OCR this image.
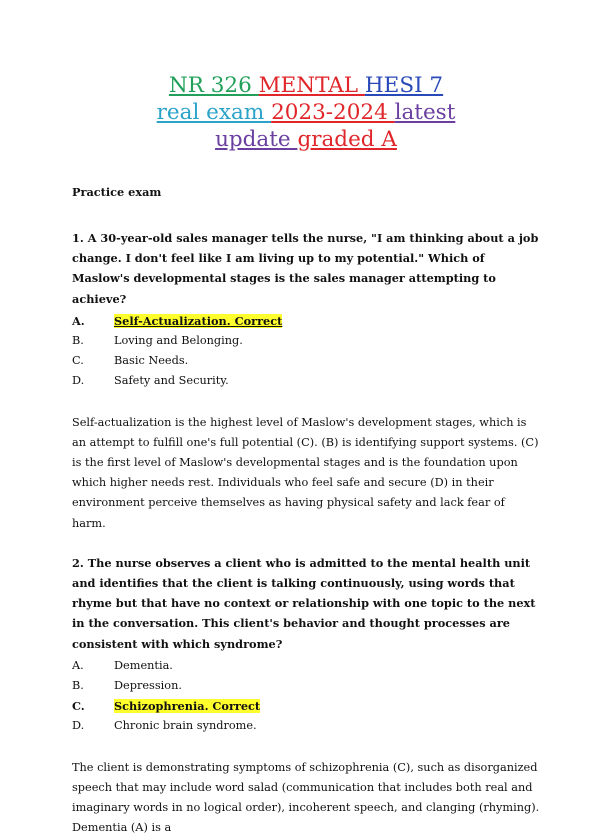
NR 326 MENTAL HESI 7
real exam 2023-2024 latest
update graded A

Practice exam

1. A 30-year-old sales manager tells the nurse, "I am thinking about a job change. I don't feel like I am living up to my potential." Which of Maslow's developmental stages is the sales manager attempting to achieve?

A.	Self-Actualization. Correct
B.	Loving and Belonging.
C.	Basic Needs.
D.	Safety and Security.

Self-actualization is the highest level of Maslow's development stages, which is an attempt to fulfill one's full potential (C). (B) is identifying support systems. (C) is the first level of Maslow's developmental stages and is the foundation upon which higher needs rest. Individuals who feel safe and secure (D) in their environment perceive themselves as having physical safety and lack fear of harm.

2. The nurse observes a client who is admitted to the mental health unit and identifies that the client is talking continuously, using words that rhyme but that have no context or relationship with one topic to the next in the conversation. This client's behavior and thought processes are consistent with which syndrome?

A.	Dementia.
B.	Depression.
C.	Schizophrenia. Correct
D.	Chronic brain syndrome.

The client is demonstrating symptoms of schizophrenia (C), such as disorganized speech that may include word salad (communication that includes both real and imaginary words in no logical order), incoherent speech, and clanging (rhyming). Dementia (A) is a
